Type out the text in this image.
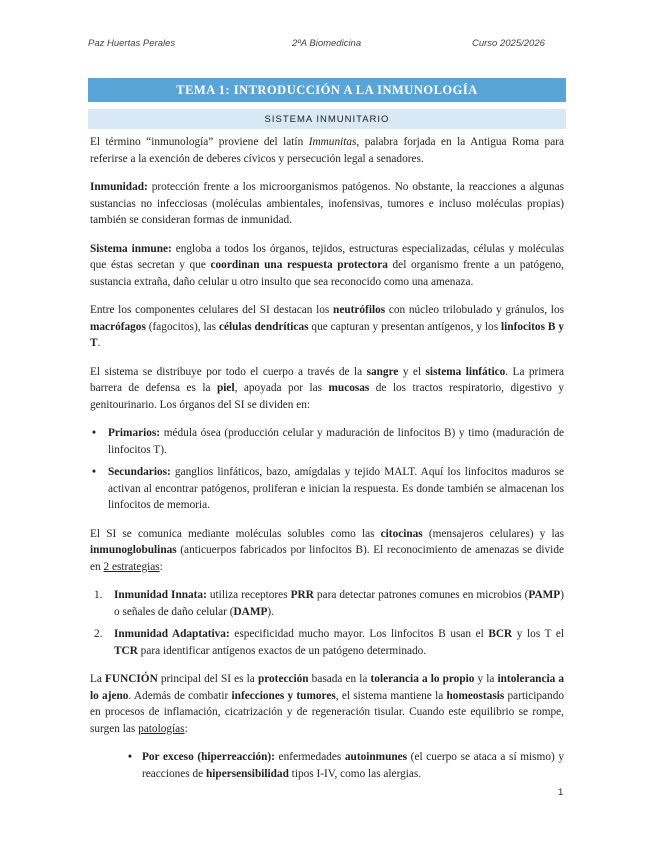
Paz Huertas Perales	2ºA Biomedicina	Curso 2025/2026
TEMA 1: INTRODUCCIÓN A LA INMUNOLOGÍA
SISTEMA INMUNITARIO

El término “inmunología” proviene del latín Immunitas, palabra forjada en la Antigua Roma para referirse a la exención de deberes cívicos y persecución legal a senadores.

Inmunidad: protección frente a los microorganismos patógenos. No obstante, la reacciones a algunas sustancias no infecciosas (moléculas ambientales, inofensivas, tumores e incluso moléculas propias) también se consideran formas de inmunidad.

Sistema inmune: engloba a todos los órganos, tejidos, estructuras especializadas, células y moléculas que éstas secretan y que coordinan una respuesta protectora del organismo frente a un patógeno, sustancia extraña, daño celular u otro insulto que sea reconocido como una amenaza.

Entre los componentes celulares del SI destacan los neutrófilos con núcleo trilobulado y gránulos, los macrófagos (fagocitos), las células dendríticas que capturan y presentan antígenos, y los linfocitos B y T.

El sistema se distribuye por todo el cuerpo a través de la sangre y el sistema linfático. La primera barrera de defensa es la piel, apoyada por las mucosas de los tractos respiratorio, digestivo y genitourinario. Los órganos del SI se dividen en:

• Primarios: médula ósea (producción celular y maduración de linfocitos B) y timo (maduración de linfocitos T).
• Secundarios: ganglios linfáticos, bazo, amígdalas y tejido MALT. Aquí los linfocitos maduros se activan al encontrar patógenos, proliferan e inician la respuesta. Es donde también se almacenan los linfocitos de memoria.

El SI se comunica mediante moléculas solubles como las citocinas (mensajeros celulares) y las inmunoglobulinas (anticuerpos fabricados por linfocitos B). El reconocimiento de amenazas se divide en 2 estrategias:

1. Inmunidad Innata: utiliza receptores PRR para detectar patrones comunes en microbios (PAMP) o señales de daño celular (DAMP).
2. Inmunidad Adaptativa: especificidad mucho mayor. Los linfocitos B usan el BCR y los T el TCR para identificar antígenos exactos de un patógeno determinado.

La FUNCIÓN principal del SI es la protección basada en la tolerancia a lo propio y la intolerancia a lo ajeno. Además de combatir infecciones y tumores, el sistema mantiene la homeostasis participando en procesos de inflamación, cicatrización y de regeneración tisular. Cuando este equilibrio se rompe, surgen las patologías:

• Por exceso (hiperreacción): enfermedades autoinmunes (el cuerpo se ataca a sí mismo) y reacciones de hipersensibilidad tipos I-IV, como las alergias.
1
